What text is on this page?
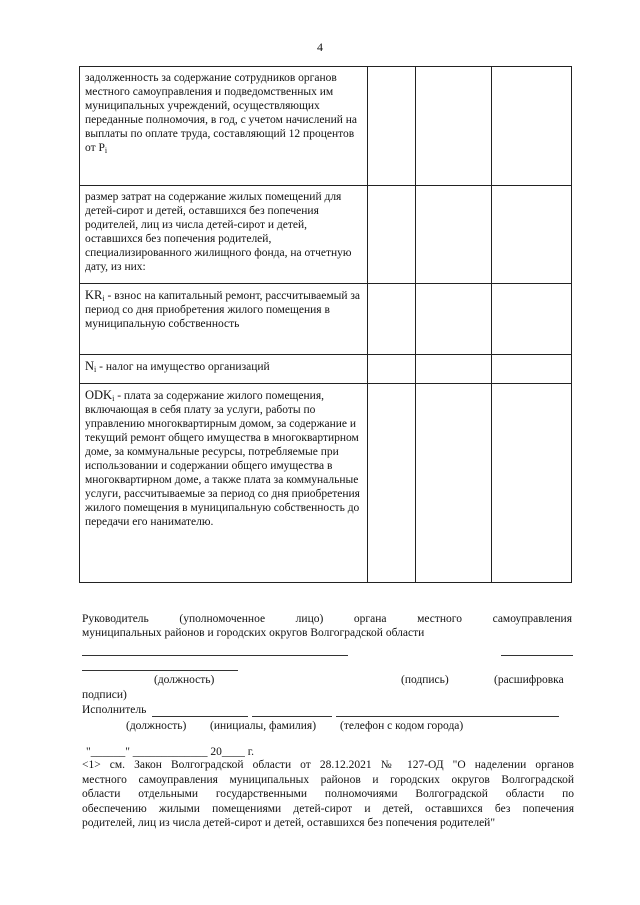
4
задолженность за содержание сотрудников органов местного самоуправления и подведомственных им муниципальных учреждений, осуществляющих переданные полномочия, в год, с учетом начислений на выплаты по оплате труда, составляющий 12 процентов от $P_i$			
размер затрат на содержание жилых помещений для детей-сирот и детей, оставшихся без попечения родителей, лиц из числа детей-сирот и детей, оставшихся без попечения родителей, специализированного жилищного фонда, на отчетную дату, из них:			
$KR_i$ - взнос на капитальный ремонт, рассчитываемый за период со дня приобретения жилого помещения в муниципальную собственность			
$N_i$ - налог на имущество организаций			
$ODK_i$ - плата за содержание жилого помещения, включающая в себя плату за услуги, работы по управлению многоквартирным домом, за содержание и текущий ремонт общего имущества в многоквартирном доме, за коммунальные ресурсы, потребляемые при использовании и содержании общего имущества в многоквартирном доме, а также плата за коммунальные услуги, рассчитываемые за период со дня приобретения жилого помещения в муниципальную собственность до передачи его нанимателю.			
Руководитель (уполномоченное лицо) органа местного самоуправления
муниципальных районов и городских округов Волгоградской области
(должность)	(подпись)	(расшифровка
подписи)
Исполнитель
(должность) (инициалы, фамилия) (телефон с кодом города)
"______" _____________ 20____ г.
<1> см. Закон Волгоградской области от 28.12.2021 № 127-ОД "О наделении органов
местного самоуправления муниципальных районов и городских округов Волгоградской
области отдельными государственными полномочиями Волгоградской области по
обеспечению жилыми помещениями детей-сирот и детей, оставшихся без попечения
родителей, лиц из числа детей-сирот и детей, оставшихся без попечения родителей"
